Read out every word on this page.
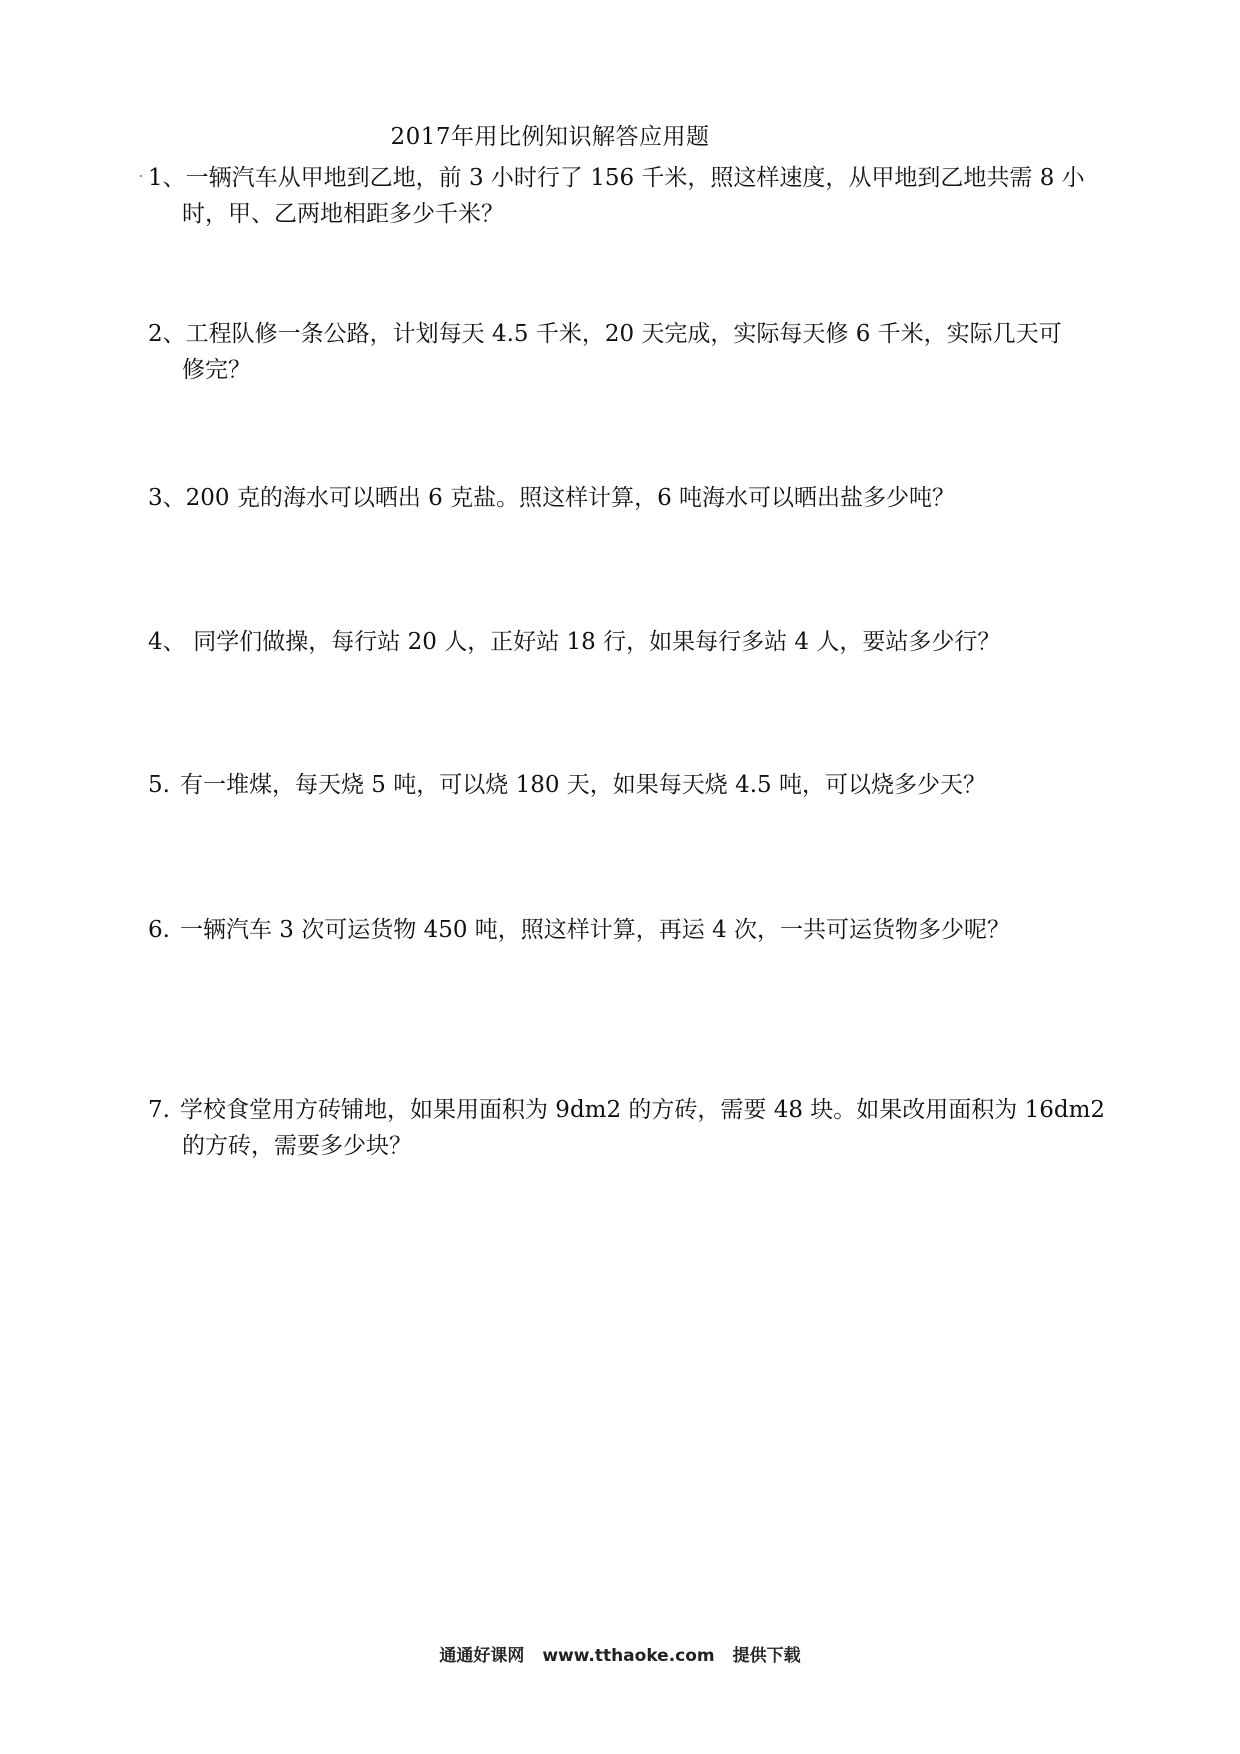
2017年用比例知识解答应用题
1、一辆汽车从甲地到乙地，前 3 小时行了 156 千米，照这样速度，从甲地到乙地共需 8 小
时，甲、乙两地相距多少千米？
2、工程队修一条公路，计划每天 4.5 千米，20 天完成，实际每天修 6 千米，实际几天可
修完？
3、200 克的海水可以晒出 6 克盐。照这样计算，6 吨海水可以晒出盐多少吨？
4、 同学们做操，每行站 20 人，正好站 18 行，如果每行多站 4 人，要站多少行？
5. 有一堆煤，每天烧 5 吨，可以烧 180 天，如果每天烧 4.5 吨，可以烧多少天？
6. 一辆汽车 3 次可运货物 450 吨，照这样计算，再运 4 次，一共可运货物多少呢？
7. 学校食堂用方砖铺地，如果用面积为 9dm2 的方砖，需要 48 块。如果改用面积为 16dm2
的方砖，需要多少块？
通通好课网 www.tthaoke.com 提供下载
